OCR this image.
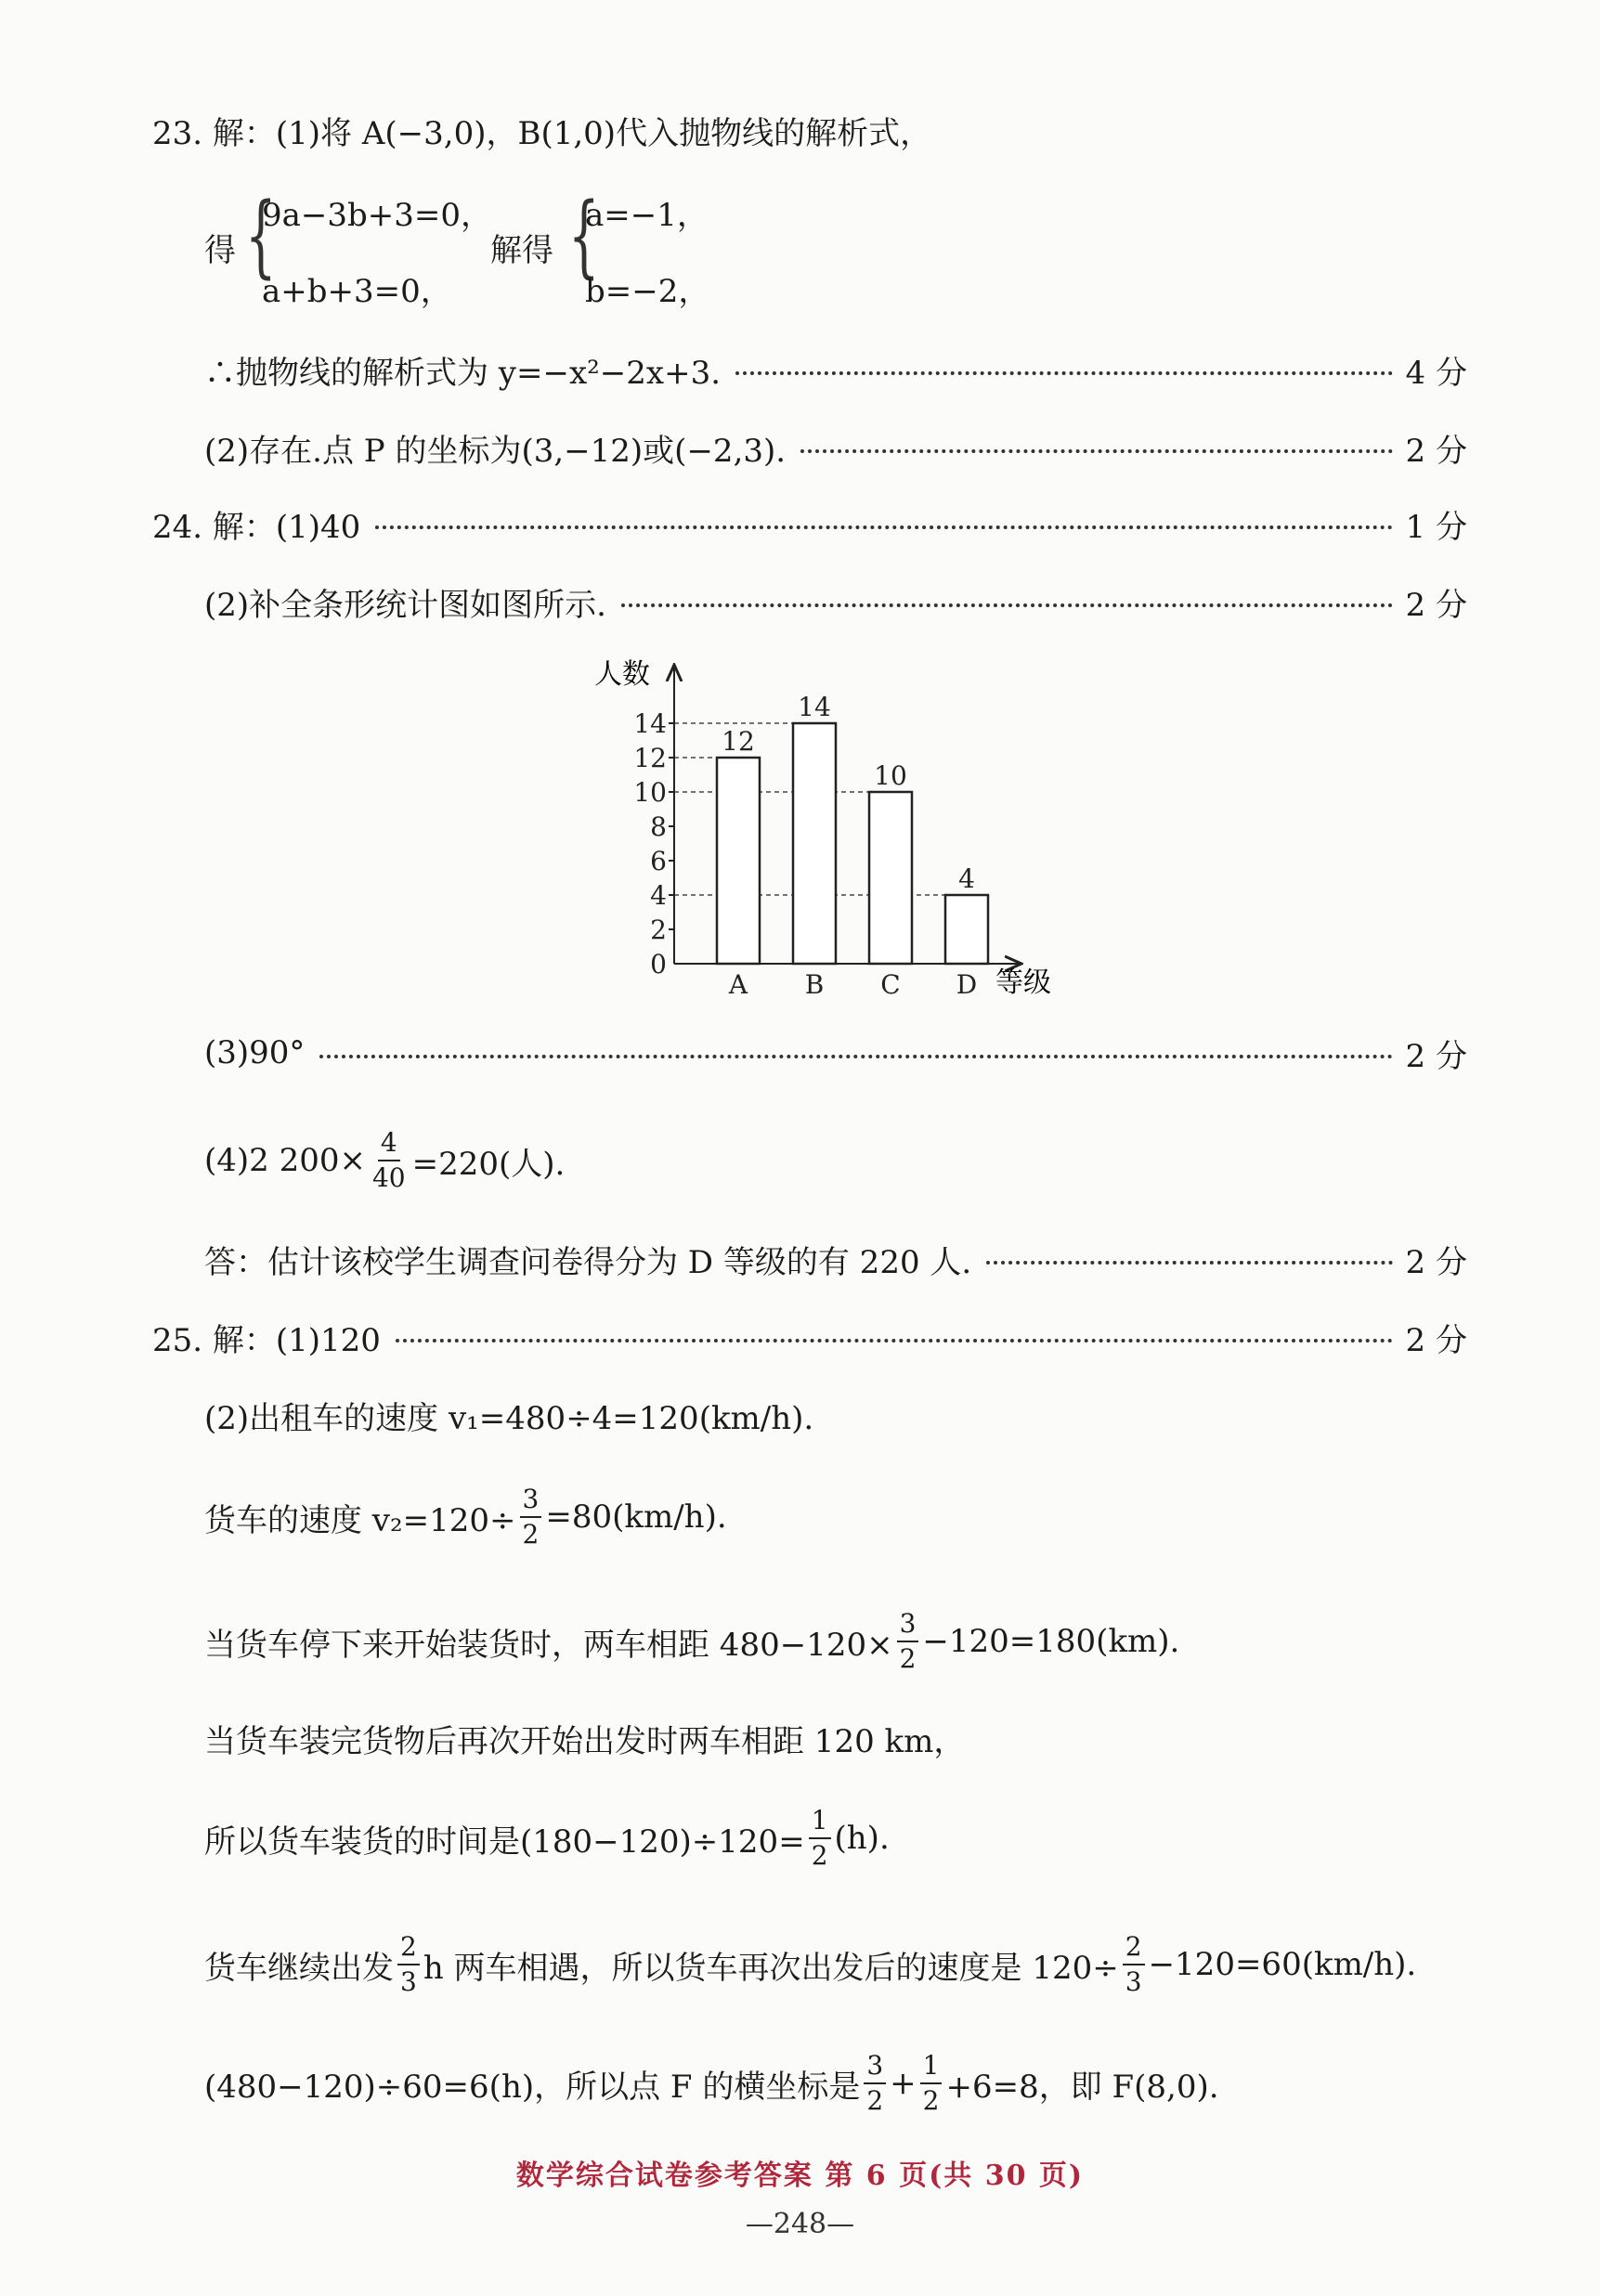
23. 解：(1)将 A(−3,0)，B(1,0)代入抛物线的解析式，
得 {
9a−3b+3=0，
a+b+3=0，
解得 {
a=−1，
b=−2，
∴抛物线的解析式为 y=−x²−2x+3.	4 分
(2)存在.点 P 的坐标为(3,−12)或(−2,3).	2 分
24. 解：(1)40	1 分
(2)补全条形统计图如图所示.	2 分
0
2
4
6
8
10
12
14
A B C D
12
14
10
4
人数
等级
(3)90°	2 分
(4)2 $200\times \frac{4}{40} =220$(人).
答：估计该校学生调查问卷得分为 D 等级的有 220 人.	2 分
25. 解：(1)120	2 分
(2)出租车的速度 v₁=480÷4=120(km/h).
货车的速度 $v_2=120\div \frac{3}{2} =80(km/h)$.
当货车停下来开始装货时，两车相距 $480-120\times \frac{3}{2} -120=180(km)$.
当货车装完货物后再次开始出发时两车相距 120 km，
所以货车装货的时间是$(180-120)\div 120= \frac{1}{2} (h)$.
货车继续出发 $\frac{2}{3}$ h 两车相遇，所以货车再次出发后的速度是 $120\div \frac{2}{3} -120=60(km/h)$.
(480−120)÷60=6(h)，所以点 F 的横坐标是 $\frac{3}{2} + \frac{1}{2} +6=8$，即 F(8,0).
数学综合试卷参考答案 第 6 页(共 30 页)
—248—
